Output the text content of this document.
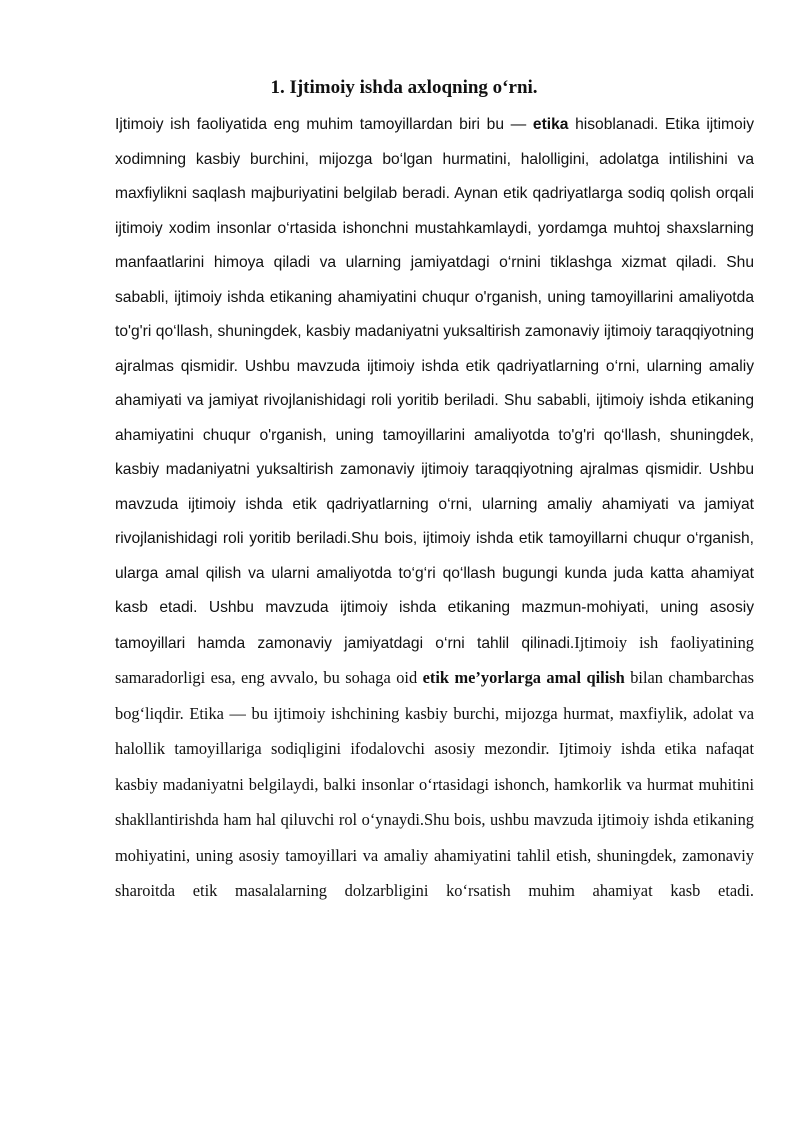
1. Ijtimoiy ishda axloqning o‘rni.

Ijtimoiy ish faoliyatida eng muhim tamoyillardan biri bu — etika hisoblanadi. Etika ijtimoiy xodimning kasbiy burchini, mijozga bo‘lgan hurmatini, halolligini, adolatga intilishini va maxfiylikni saqlash majburiyatini belgilab beradi. Aynan etik qadriyatlarga sodiq qolish orqali ijtimoiy xodim insonlar o‘rtasida ishonchni mustahkamlaydi, yordamga muhtoj shaxslarning manfaatlarini himoya qiladi va ularning jamiyatdagi o‘rnini tiklashga xizmat qiladi. Shu sababli, ijtimoiy ishda etikaning ahamiyatini chuqur o'rganish, uning tamoyillarini amaliyotda to'g'ri qo‘llash, shuningdek, kasbiy madaniyatni yuksaltirish zamonaviy ijtimoiy taraqqiyotning ajralmas qismidir. Ushbu mavzuda ijtimoiy ishda etik qadriyatlarning o‘rni, ularning amaliy ahamiyati va jamiyat rivojlanishidagi roli yoritib beriladi. Shu sababli, ijtimoiy ishda etikaning ahamiyatini chuqur o'rganish, uning tamoyillarini amaliyotda to'g'ri qo‘llash, shuningdek, kasbiy madaniyatni yuksaltirish zamonaviy ijtimoiy taraqqiyotning ajralmas qismidir. Ushbu mavzuda ijtimoiy ishda etik qadriyatlarning o‘rni, ularning amaliy ahamiyati va jamiyat rivojlanishidagi roli yoritib beriladi.Shu bois, ijtimoiy ishda etik tamoyillarni chuqur o‘rganish, ularga amal qilish va ularni amaliyotda to‘g‘ri qo‘llash bugungi kunda juda katta ahamiyat kasb etadi. Ushbu mavzuda ijtimoiy ishda etikaning mazmun-mohiyati, uning asosiy tamoyillari hamda zamonaviy jamiyatdagi o‘rni tahlil qilinadi.Ijtimoiy ish faoliyatining samaradorligi esa, eng avvalo, bu sohaga oid etik me’yorlarga amal qilish bilan chambarchas bog‘liqdir. Etika — bu ijtimoiy ishchining kasbiy burchi, mijozga hurmat, maxfiylik, adolat va halollik tamoyillariga sodiqligini ifodalovchi asosiy mezondir. Ijtimoiy ishda etika nafaqat kasbiy madaniyatni belgilaydi, balki insonlar o‘rtasidagi ishonch, hamkorlik va hurmat muhitini shakllantirishda ham hal qiluvchi rol o‘ynaydi.Shu bois, ushbu mavzuda ijtimoiy ishda etikaning mohiyatini, uning asosiy tamoyillari va amaliy ahamiyatini tahlil etish, shuningdek, zamonaviy sharoitda etik masalalarning dolzarbligini ko‘rsatish muhim ahamiyat kasb etadi.
